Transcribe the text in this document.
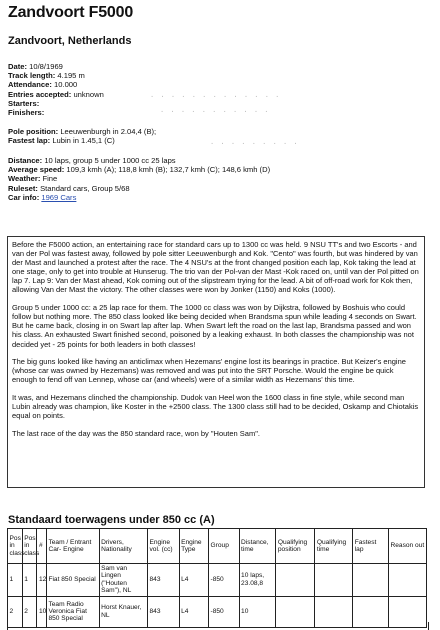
Zandvoort F5000
Zandvoort, Netherlands
Date: 10/8/1969
Track length: 4.195 m
Attendance: 10.000
Entries accepted: unknown
Starters:
Finishers:
· · · · · · · · · · · · ·
· · · · · · · · · · ·
Pole position: Leeuwenburgh in 2.04,4 (B);
Fastest lap: Lubin in 1.45,1 (C)	· · · · · · · · ·
Distance: 10 laps, group 5 under 1000 cc 25 laps
Average speed: 109,3 kmh (A); 118,8 kmh (B); 132,7 kmh (C); 148,6 kmh (D)
Weather: Fine
Ruleset: Standard cars, Group 5/68
Car info: 1969 Cars

Before the F5000 action, an entertaining race for standard cars up to 1300 cc was held. 9 NSU TT's and two Escorts - and van der Pol was fastest away, followed by pole sitter Leeuwenburgh and Kok. "Cento" was fourth, but was hindered by van der Mast and launched a protest after the race. The 4 NSU's at the front changed position each lap, Kok taking the lead at one stage, only to get into trouble at Hunserug. The trio van der Pol-van der Mast -Kok raced on, until van der Pol pitted on lap 7. Lap 9: Van der Mast ahead, Kok coming out of the slipstream trying for the lead. A bit of off-road work for Kok then, allowing Van der Mast the victory. The other classes were won by Jonker (1150) and Koks (1000).

Group 5 under 1000 cc: a 25 lap race for them. The 1000 cc class was won by Dijkstra, followed by Boshuis who could follow but nothing more. The 850 class looked like being decided when Brandsma spun while leading 4 seconds on Swart. But he came back, closing in on Swart lap after lap. When Swart left the road on the last lap, Brandsma passed and won his class. An exhausted Swart finished second, poisoned by a leaking exhaust. In both classes the championship was not decided yet - 25 points for both leaders in both classes!

The big guns looked like having an anticlimax when Hezemans' engine lost its bearings in practice. But Keizer's engine (whose car was owned by Hezemans) was removed and was put into the SRT Porsche. Would the engine be quick enough to fend off van Lennep, whose car (and wheels) were of a similar width as Hezemans' this time.

It was, and Hezemans clinched the championship. Dudok van Heel won the 1600 class in fine style, while second man Lubin already was champion, like Koster in the +2500 class. The 1300 class still had to be decided, Oskamp and Chiotakis equal on points.

The last race of the day was the 850 standard race, won by "Houten Sam".

Standaard toerwagens under 850 cc (A)
Pos in class	Pos in class	#	Team / Entrant Car- Engine	Drivers, Nationality	Engine vol. (cc)	Engine Type	Group	Distance, time	Qualifying position	Qualifying time	Fastest lap	Reason out
1	1	12	Fiat 850 Special	Sam van Lingen ("Houten Sam"), NL	843	L4	-850	10 laps, 23.08,8				
2	2	10	Team Radio Veronica Fiat 850 Special	Horst Knauer, NL	843	L4	-850	10				
